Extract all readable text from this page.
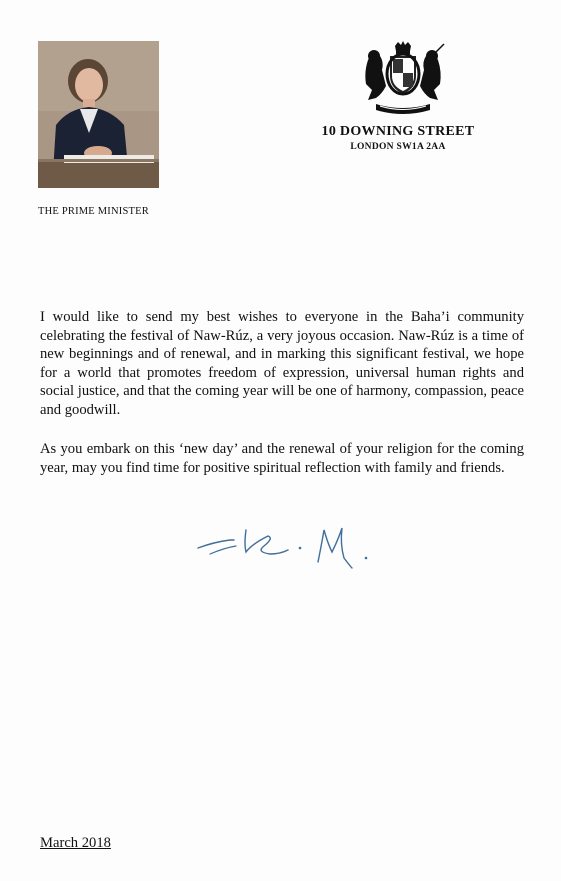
THE PRIME MINISTER
10 DOWNING STREET
LONDON SW1A 2AA
I would like to send my best wishes to everyone in the Baha’i community celebrating the festival of Naw-Rúz, a very joyous occasion. Naw-Rúz is a time of new beginnings and of renewal, and in marking this significant festival, we hope for a world that promotes freedom of expression, universal human rights and social justice, and that the coming year will be one of harmony, compassion, peace and goodwill.
As you embark on this ‘new day’ and the renewal of your religion for the coming year, may you find time for positive spiritual reflection with family and friends.
March 2018
